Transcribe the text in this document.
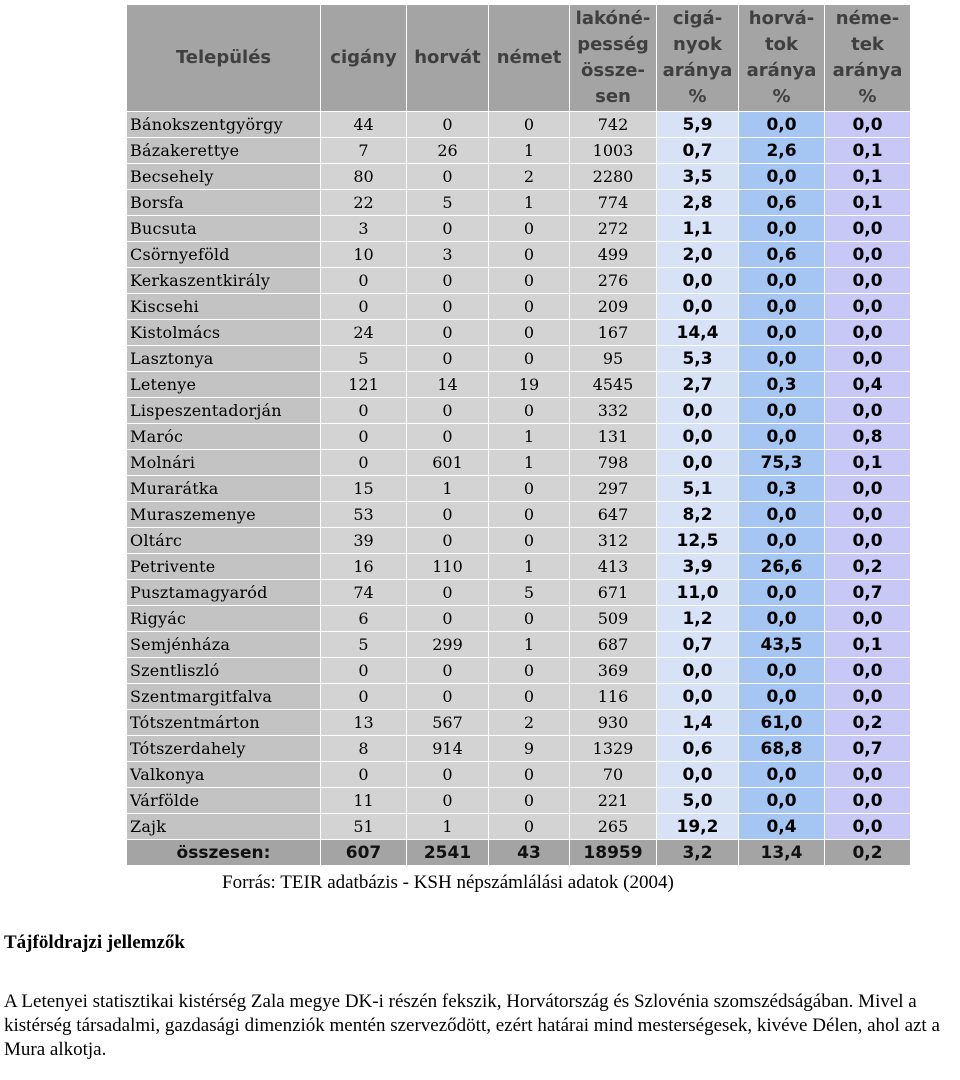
Település	cigány	horvát	német	lakóné-
pesség
össze-
sen	cigá-
nyok
aránya
%	horvá-
tok
aránya
%	néme-
tek
aránya
%
Bánokszentgyörgy	44	0	0	742	5,9	0,0	0,0
Bázakerettye	7	26	1	1003	0,7	2,6	0,1
Becsehely	80	0	2	2280	3,5	0,0	0,1
Borsfa	22	5	1	774	2,8	0,6	0,1
Bucsuta	3	0	0	272	1,1	0,0	0,0
Csörnyeföld	10	3	0	499	2,0	0,6	0,0
Kerkaszentkirály	0	0	0	276	0,0	0,0	0,0
Kiscsehi	0	0	0	209	0,0	0,0	0,0
Kistolmács	24	0	0	167	14,4	0,0	0,0
Lasztonya	5	0	0	95	5,3	0,0	0,0
Letenye	121	14	19	4545	2,7	0,3	0,4
Lispeszentadorján	0	0	0	332	0,0	0,0	0,0
Maróc	0	0	1	131	0,0	0,0	0,8
Molnári	0	601	1	798	0,0	75,3	0,1
Murarátka	15	1	0	297	5,1	0,3	0,0
Muraszemenye	53	0	0	647	8,2	0,0	0,0
Oltárc	39	0	0	312	12,5	0,0	0,0
Petrivente	16	110	1	413	3,9	26,6	0,2
Pusztamagyaród	74	0	5	671	11,0	0,0	0,7
Rigyác	6	0	0	509	1,2	0,0	0,0
Semjénháza	5	299	1	687	0,7	43,5	0,1
Szentliszló	0	0	0	369	0,0	0,0	0,0
Szentmargitfalva	0	0	0	116	0,0	0,0	0,0
Tótszentmárton	13	567	2	930	1,4	61,0	0,2
Tótszerdahely	8	914	9	1329	0,6	68,8	0,7
Valkonya	0	0	0	70	0,0	0,0	0,0
Várfölde	11	0	0	221	5,0	0,0	0,0
Zajk	51	1	0	265	19,2	0,4	0,0
összesen:	607	2541	43	18959	3,2	13,4	0,2
Forrás: TEIR adatbázis - KSH népszámlálási adatok (2004)
Tájföldrajzi jellemzők
A Letenyei statisztikai kistérség Zala megye DK-i részén fekszik, Horvátország és Szlovénia szomszédságában. Mivel a kistérség társadalmi, gazdasági dimenziók mentén szerveződött, ezért határai mind mesterségesek, kivéve Délen, ahol azt a Mura alkotja.
